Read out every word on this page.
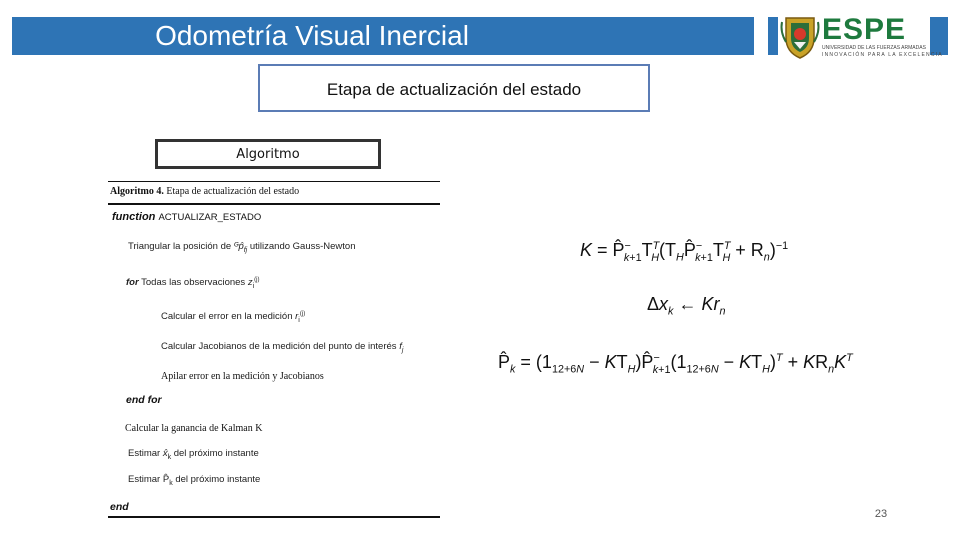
Odometría Visual Inercial	ESPE
UNIVERSIDAD DE LAS FUERZAS ARMADAS
INNOVACIÓN PARA LA EXCELENCIA
Etapa de actualización del estado
Algoritmo
Algoritmo 4. Etapa de actualización del estado
function ACTUALIZAR_ESTADO
Triangular la posición de $ᴳp̂_{fj}$ utilizando Gauss-Newton
for Todas las observaciones $z_i^{(j)}$
Calcular el error en la medición $r_i^{(j)}$
Calcular Jacobianos de la medición del punto de interés $f_j$
Apilar error en la medición y Jacobianos
end for
Calcular la ganancia de Kalman K
Estimar $x̂_k$ del próximo instante
Estimar $P̂_k$ del próximo instante
end
$K = P̂^-_{k+1}T^T_H(T_HP̂^-_{k+1}T^T_H + R_n)^{-1}$
$\Delta x_k$ ← $Kr_n$
$P̂_k = (1_{12+6N}$ − $KT_H)P̂^-_{k+1}(1_{12+6N} - KT_H)^T + KR_nK^T$
23
